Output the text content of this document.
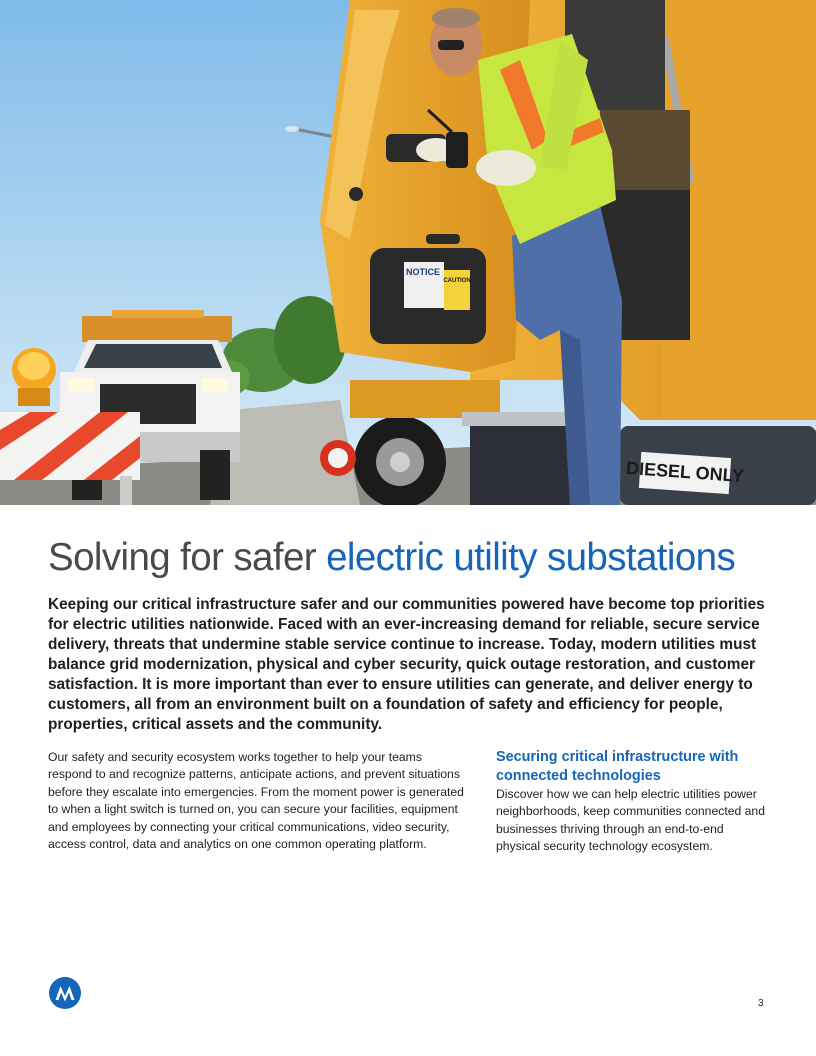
DIESEL ONLY
NOTICE
CAUTION
Solving for safer electric utility substations

Keeping our critical infrastructure safer and our communities powered have become top priorities for electric utilities nationwide. Faced with an ever-increasing demand for reliable, secure service delivery, threats that undermine stable service continue to increase. Today, modern utilities must balance grid modernization, physical and cyber security, quick outage restoration, and customer satisfaction. It is more important than ever to ensure utilities can generate, and deliver energy to customers, all from an environment built on a foundation of safety and efficiency for people, properties, critical assets and the community.

Our safety and security ecosystem works together to help your teams respond to and recognize patterns, anticipate actions, and prevent situations before they escalate into emergencies. From the moment power is generated to when a light switch is turned on, you can secure your facilities, equipment and employees by connecting your critical communications, video security, access control, data and analytics on one common operating platform.

Securing critical infrastructure with connected technologies

Discover how we can help electric utilities power neighborhoods, keep communities connected and businesses thriving through an end-to-end physical security technology ecosystem.

3
